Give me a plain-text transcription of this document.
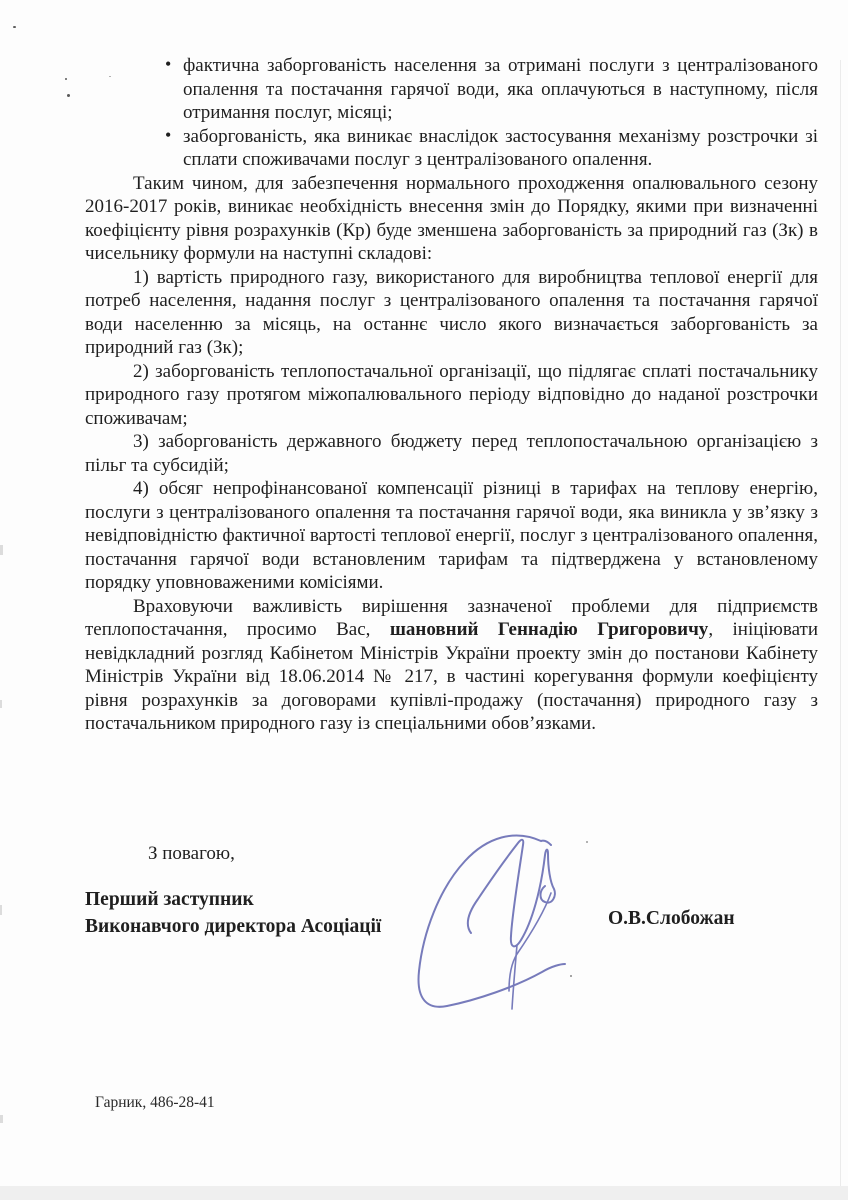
• фактична заборгованість населення за отримані послуги з централізованого опалення та постачання гарячої води, яка оплачуються в наступному, після отримання послуг, місяці;
• заборгованість, яка виникає внаслідок застосування механізму розстрочки зі сплати споживачами послуг з централізованого опалення.

Таким чином, для забезпечення нормального проходження опалювального сезону 2016-2017 років, виникає необхідність внесення змін до Порядку, якими при визначенні коефіцієнту рівня розрахунків (Кр) буде зменшена заборгованість за природний газ (Зк) в чисельнику формули на наступні складові:

1) вартість природного газу, використаного для виробництва теплової енергії для потреб населення, надання послуг з централізованого опалення та постачання гарячої води населенню за місяць, на останнє число якого визначається заборгованість за природний газ (Зк);

2) заборгованість теплопостачальної організації, що підлягає сплаті постачальнику природного газу протягом міжопалювального періоду відповідно до наданої розстрочки споживачам;

3) заборгованість державного бюджету перед теплопостачальною організацією з пільг та субсидій;

4) обсяг непрофінансованої компенсації різниці в тарифах на теплову енергію, послуги з централізованого опалення та постачання гарячої води, яка виникла у зв’язку з невідповідністю фактичної вартості теплової енергії, послуг з централізованого опалення, постачання гарячої води встановленим тарифам та підтверджена у встановленому порядку уповноваженими комісіями.

Враховуючи важливість вирішення зазначеної проблеми для підприємств теплопостачання, просимо Вас, шановний Геннадію Григоровичу, ініціювати невідкладний розгляд Кабінетом Міністрів України проекту змін до постанови Кабінету Міністрів України від 18.06.2014 № 217, в частині корегування формули коефіцієнту рівня розрахунків за договорами купівлі-продажу (постачання) природного газу з постачальником природного газу із спеціальними обов’язками.

З повагою,
Перший заступник
Виконавчого директора Асоціації	О.В.Слобожан
Гарник, 486-28-41
